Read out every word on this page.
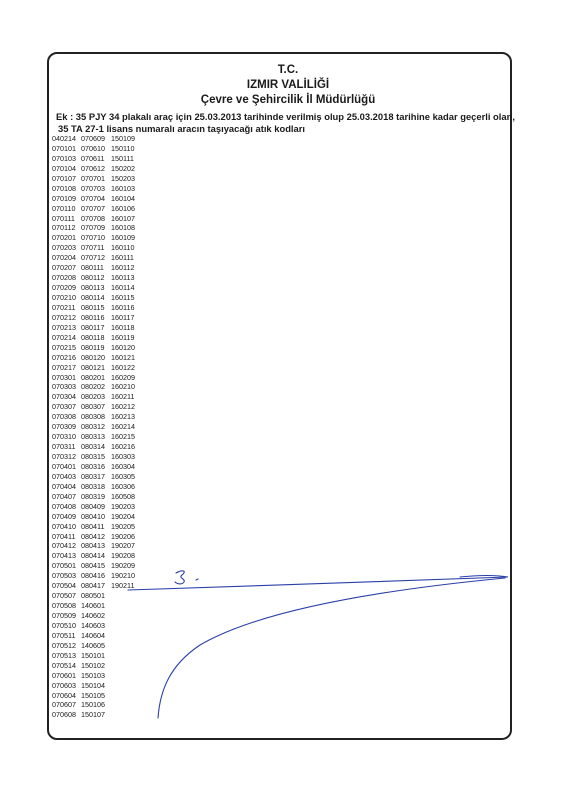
T.C.
IZMIR VALİLİĞİ
Çevre ve Şehircilik İl Müdürlüğü
Ek : 35 PJY 34 plakalı araç için 25.03.2013 tarihinde verilmiş olup 25.03.2018 tarihine kadar geçerli olan,
35 TA 27-1 lisans numaralı aracın taşıyacağı atık kodları
040214
070101
070103
070104
070107
070108
070109
070110
070111
070112
070201
070203
070204
070207
070208
070209
070210
070211
070212
070213
070214
070215
070216
070217
070301
070303
070304
070307
070308
070309
070310
070311
070312
070401
070403
070404
070407
070408
070409
070410
070411
070412
070413
070501
070503
070504
070507
070508
070509
070510
070511
070512
070513
070514
070601
070603
070604
070607
070608
070609
070610
070611
070612
070701
070703
070704
070707
070708
070709
070710
070711
070712
080111
080112
080113
080114
080115
080116
080117
080118
080119
080120
080121
080201
080202
080203
080307
080308
080312
080313
080314
080315
080316
080317
080318
080319
080409
080410
080411
080412
080413
080414
080415
080416
080417
080501
140601
140602
140603
140604
140605
150101
150102
150103
150104
150105
150106
150107
150109
150110
150111
150202
150203
160103
160104
160106
160107
160108
160109
160110
160111
160112
160113
160114
160115
160116
160117
160118
160119
160120
160121
160122
160209
160210
160211
160212
160213
160214
160215
160216
160303
160304
160305
160306
160508
190203
190204
190205
190206
190207
190208
190209
190210
190211
